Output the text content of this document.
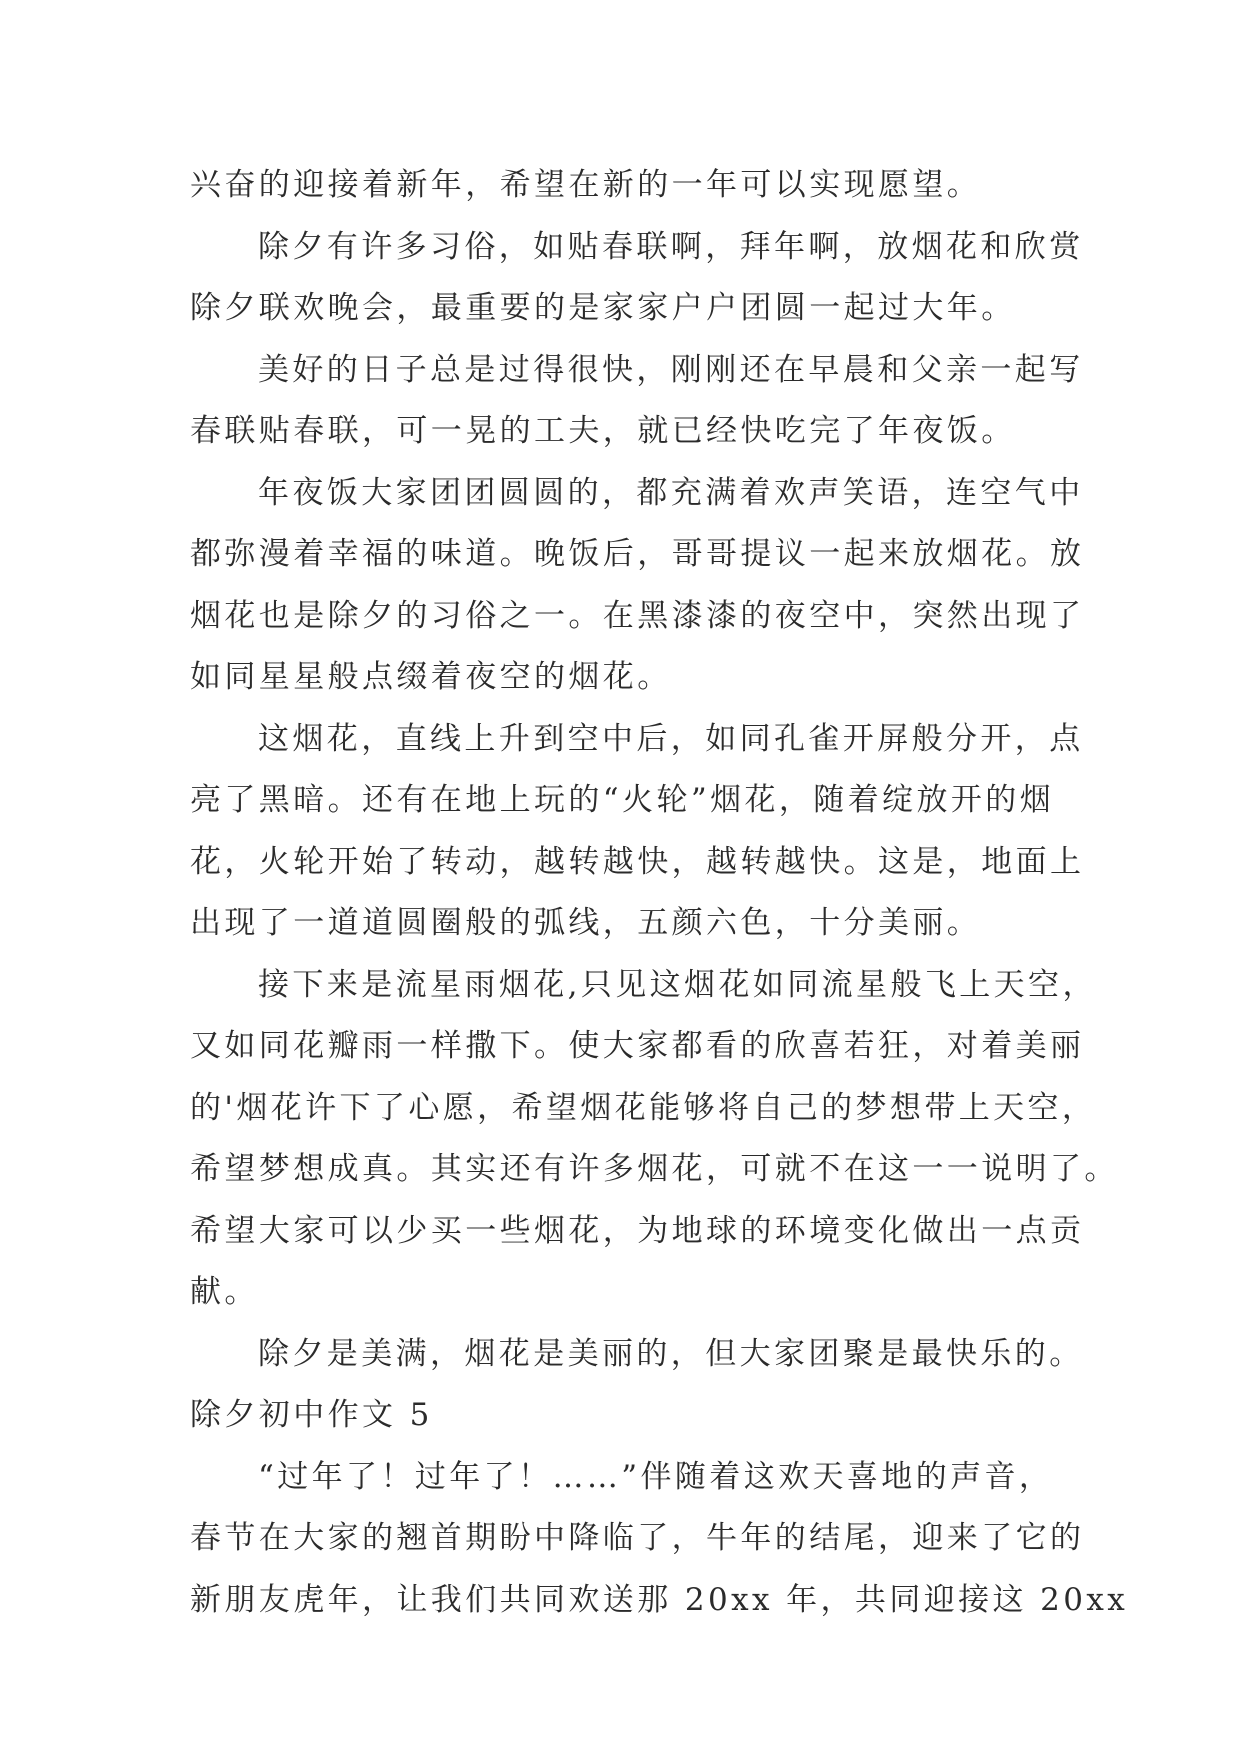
兴奋的迎接着新年，希望在新的一年可以实现愿望。
除夕有许多习俗，如贴春联啊，拜年啊，放烟花和欣赏
除夕联欢晚会，最重要的是家家户户团圆一起过大年。
美好的日子总是过得很快，刚刚还在早晨和父亲一起写
春联贴春联，可一晃的工夫，就已经快吃完了年夜饭。
年夜饭大家团团圆圆的，都充满着欢声笑语，连空气中
都弥漫着幸福的味道。晚饭后，哥哥提议一起来放烟花。放
烟花也是除夕的习俗之一。在黑漆漆的夜空中，突然出现了
如同星星般点缀着夜空的烟花。
这烟花，直线上升到空中后，如同孔雀开屏般分开，点
亮了黑暗。还有在地上玩的“火轮”烟花，随着绽放开的烟
花，火轮开始了转动，越转越快，越转越快。这是，地面上
出现了一道道圆圈般的弧线，五颜六色，十分美丽。
接下来是流星雨烟花,只见这烟花如同流星般飞上天空，
又如同花瓣雨一样撒下。使大家都看的欣喜若狂，对着美丽
的'烟花许下了心愿，希望烟花能够将自己的梦想带上天空，
希望梦想成真。其实还有许多烟花，可就不在这一一说明了。
希望大家可以少买一些烟花，为地球的环境变化做出一点贡
献。
除夕是美满，烟花是美丽的，但大家团聚是最快乐的。
除夕初中作文 5
“过年了！过年了！……”伴随着这欢天喜地的声音，
春节在大家的翘首期盼中降临了，牛年的结尾，迎来了它的
新朋友虎年，让我们共同欢送那 20xx 年，共同迎接这 20xx
